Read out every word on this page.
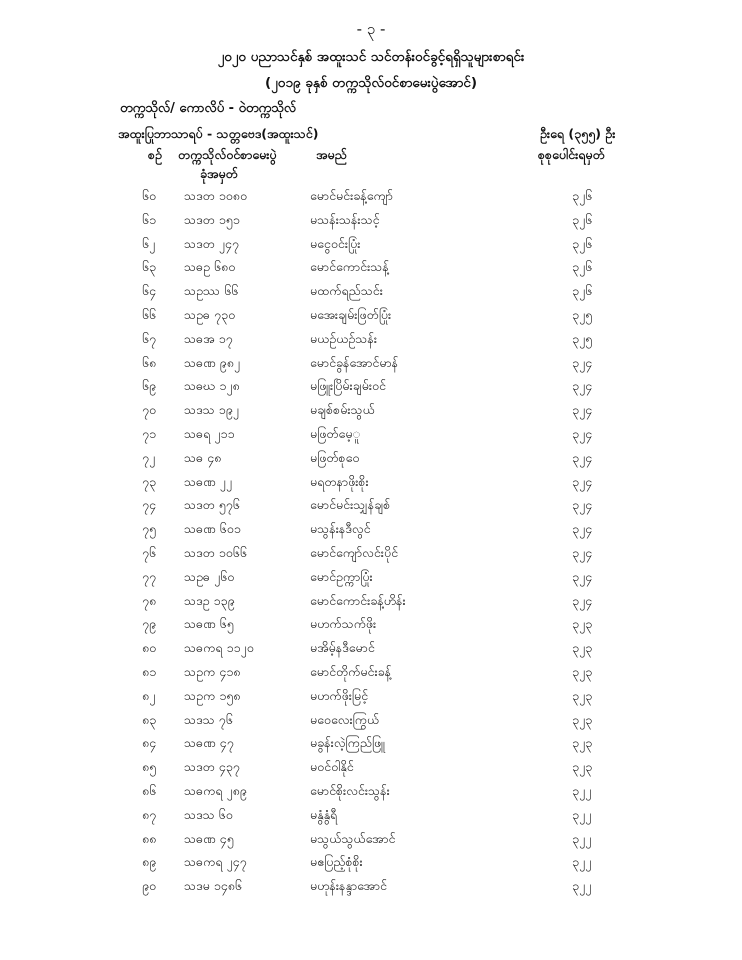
- ၃ -
၂၀၂၀ ပညာသင်နှစ် အထူးသင် သင်တန်းဝင်ခွင့်ရရှိသူများစာရင်း
(၂၀၁၉ ခုနှစ် တက္ကသိုလ်ဝင်စာမေးပွဲအောင်)
တက္ကသိုလ်/ ကောလိပ် - ဝဲတက္ကသိုလ်
အထူးပြုဘာသာရပ် - သတ္တဗေဒ(အထူးသင်)	ဦးရေ (၃၅၅) ဦး
စဉ် တက္ကသိုလ်ဝင်စာမေးပွဲ
ခုံအမှတ်
အမည်	စုစုပေါင်းရမှတ်
၆၀ သဒတ ၁၀၈၀	မောင်မင်းခန့်ကျော်	၃၂၆
၆၁ သဒတ ၁၅၁	မသန်းသန်းသင့်	၃၂၆
၆၂ သဒတ ၂၄၇	မငွေဝင်းပြုံး	၃၂၆
၆၃ သဓဥ ၆၈၀	မောင်ကောင်းသန့်	၃၂၆
၆၄ သဥဿ ၆၆	မထက်ရည်သင်း	၃၂၆
၆၆ သဥဓ ၇၃၀	မအေးချမ်းဖြတ်ပြုံး	၃၂၅
၆၇ သဓအ ၁၇	မယဉ်ယဉ်သန်း	၃၂၅
၆၈ သဓဏ ၉၈၂	မောင်ခွန်အောင်မာန်	၃၂၄
၆၉ သဓဃ ၁၂၈	မဖြူးပြိမ်းချမ်းဝင်	၃၂၄
၇၀ သဒသ ၁၉၂	မချစ်စမ်းသွယ်	၃၂၄
၇၁ သဓရ ၂၁၁	မဖြတ်မေ့ူ	၃၂၄
၇၂ သဓ ၄၈	မဖြတ်စုဝေ	၃၂၄
၇၃ သဓဏ ၂၂	မရတနာဖိုးစိုး	၃၂၄
၇၄ သဒတ ၅၇၆	မောင်မင်းသျှန်ချစ်	၃၂၄
၇၅ သဓဏ ၆၀၁	မသွန်းနဒီလွင်	၃၂၄
၇၆ သဒတ ၁၀၆၆	မောင်ကျော်လင်းပိုင်	၃၂၄
၇၇ သဥဓ ၂၆၀	မောင်ဥက္ကာပြုံး	၃၂၄
၇၈ သဒဥ ၁၃၉	မောင်ကောင်းခန့်ဟိန်း	၃၂၄
၇၉ သဓဏ ၆၅	မဟက်သက်ဖိုး	၃၂၃
၈၀ သဓကရ ၁၁၂၀	မအိမ့်နဒီမောင်	၃၂၃
၈၁ သဥက ၄၁၈	မောင်တိုက်မင်းခန့်	၃၂၃
၈၂ သဥက ၁၅၈	မဟက်ဖိုးမြင့်	၃၂၃
၈၃ သဒသ ၇၆	မဝေလေးကြွယ်	၃၂၃
၈၄ သဓဏ ၄၇	မခွန်းလဲ့ကြည်ဖြူ	၃၂၃
၈၅ သဒတ ၄၃၇	မဝင်ဝါနိုင်	၃၂၃
၈၆ သဓကရ ၂၈၉	မောင်စိုးလင်းသွန်း	၃၂၂
၈၇ သဒသ ၆၀	မနွံနွံရီ	၃၂၂
၈၈ သဓဏ ၄၅	မသွယ်သွယ်အောင်	၃၂၂
၈၉ သဓကရ ၂၄၇	မဧပြည့်စုံစိုး	၃၂၂
၉၀ သဒမ ၁၄၈၆	မဟုန်းနန္ဒာအောင်	၃၂၂
